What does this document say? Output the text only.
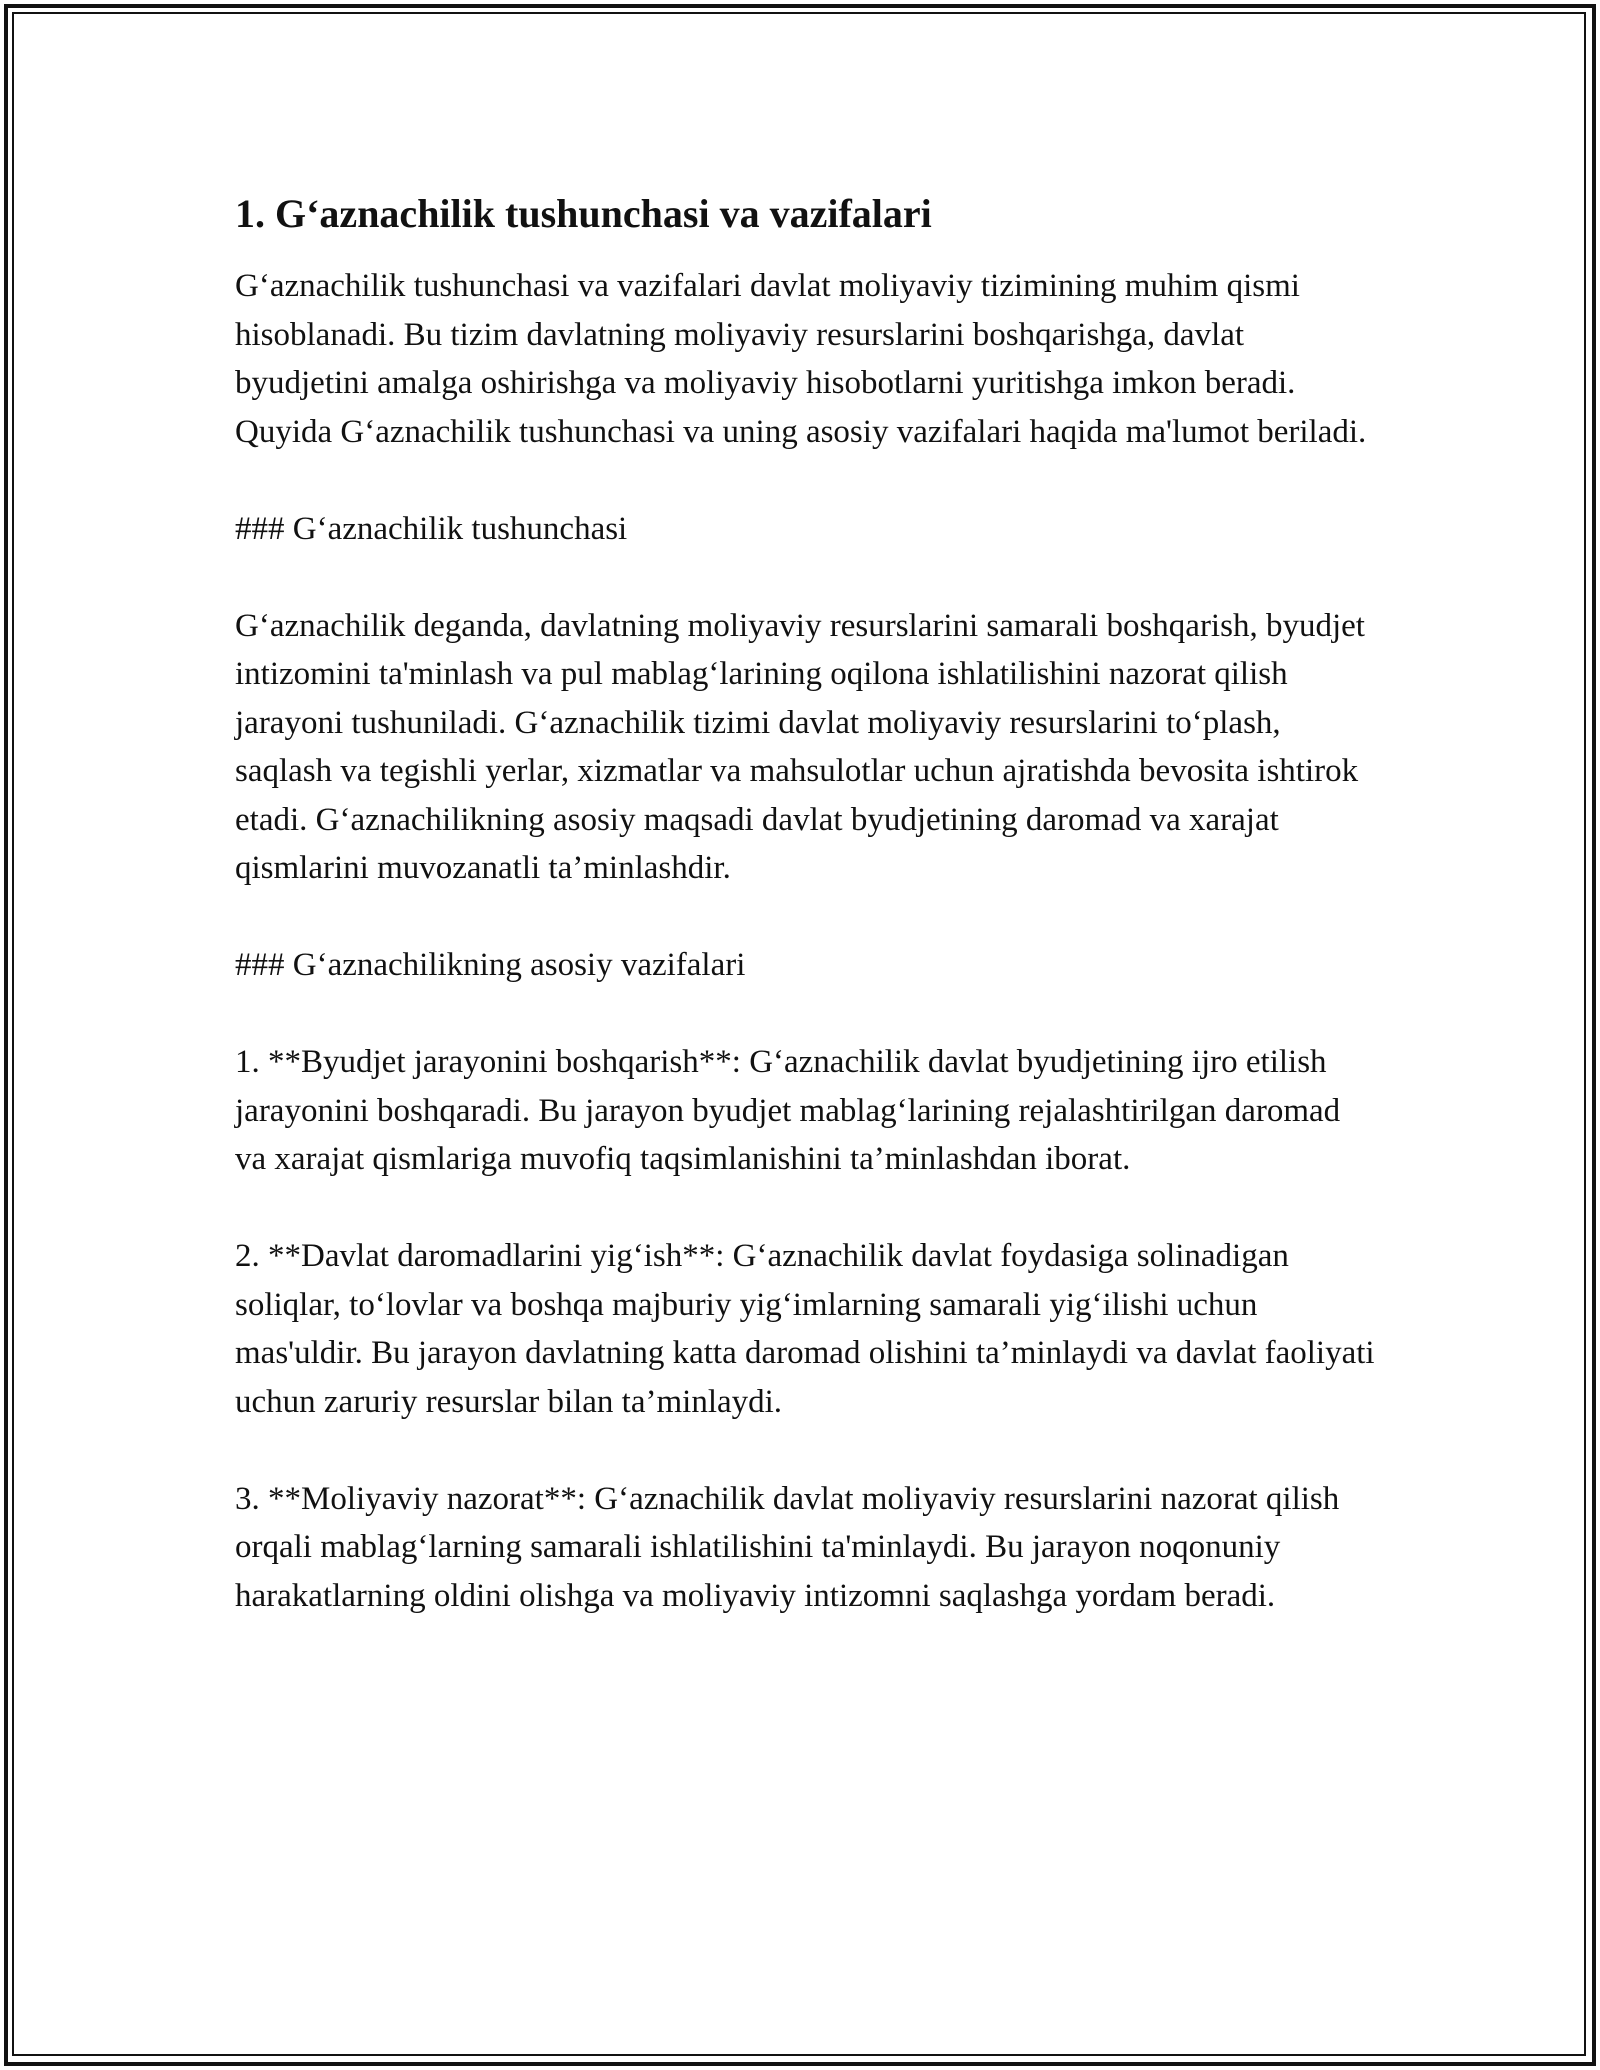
1. G‘aznachilik tushunchasi va vazifalari

G‘aznachilik tushunchasi va vazifalari davlat moliyaviy tizimining muhim qismi hisoblanadi. Bu tizim davlatning moliyaviy resurslarini boshqarishga, davlat byudjetini amalga oshirishga va moliyaviy hisobotlarni yuritishga imkon beradi. Quyida G‘aznachilik tushunchasi va uning asosiy vazifalari haqida ma'lumot beriladi.

### G‘aznachilik tushunchasi

G‘aznachilik deganda, davlatning moliyaviy resurslarini samarali boshqarish, byudjet intizomini ta'minlash va pul mablag‘larining oqilona ishlatilishini nazorat qilish jarayoni tushuniladi. G‘aznachilik tizimi davlat moliyaviy resurslarini to‘plash, saqlash va tegishli yerlar, xizmatlar va mahsulotlar uchun ajratishda bevosita ishtirok etadi. G‘aznachilikning asosiy maqsadi davlat byudjetining daromad va xarajat qismlarini muvozanatli ta’minlashdir.

### G‘aznachilikning asosiy vazifalari

1. **Byudjet jarayonini boshqarish**: G‘aznachilik davlat byudjetining ijro etilish jarayonini boshqaradi. Bu jarayon byudjet mablag‘larining rejalashtirilgan daromad va xarajat qismlariga muvofiq taqsimlanishini ta’minlashdan iborat.

2. **Davlat daromadlarini yig‘ish**: G‘aznachilik davlat foydasiga solinadigan soliqlar, to‘lovlar va boshqa majburiy yig‘imlarning samarali yig‘ilishi uchun mas'uldir. Bu jarayon davlatning katta daromad olishini ta’minlaydi va davlat faoliyati uchun zaruriy resurslar bilan ta’minlaydi.

3. **Moliyaviy nazorat**: G‘aznachilik davlat moliyaviy resurslarini nazorat qilish orqali mablag‘larning samarali ishlatilishini ta'minlaydi. Bu jarayon noqonuniy harakatlarning oldini olishga va moliyaviy intizomni saqlashga yordam beradi.
